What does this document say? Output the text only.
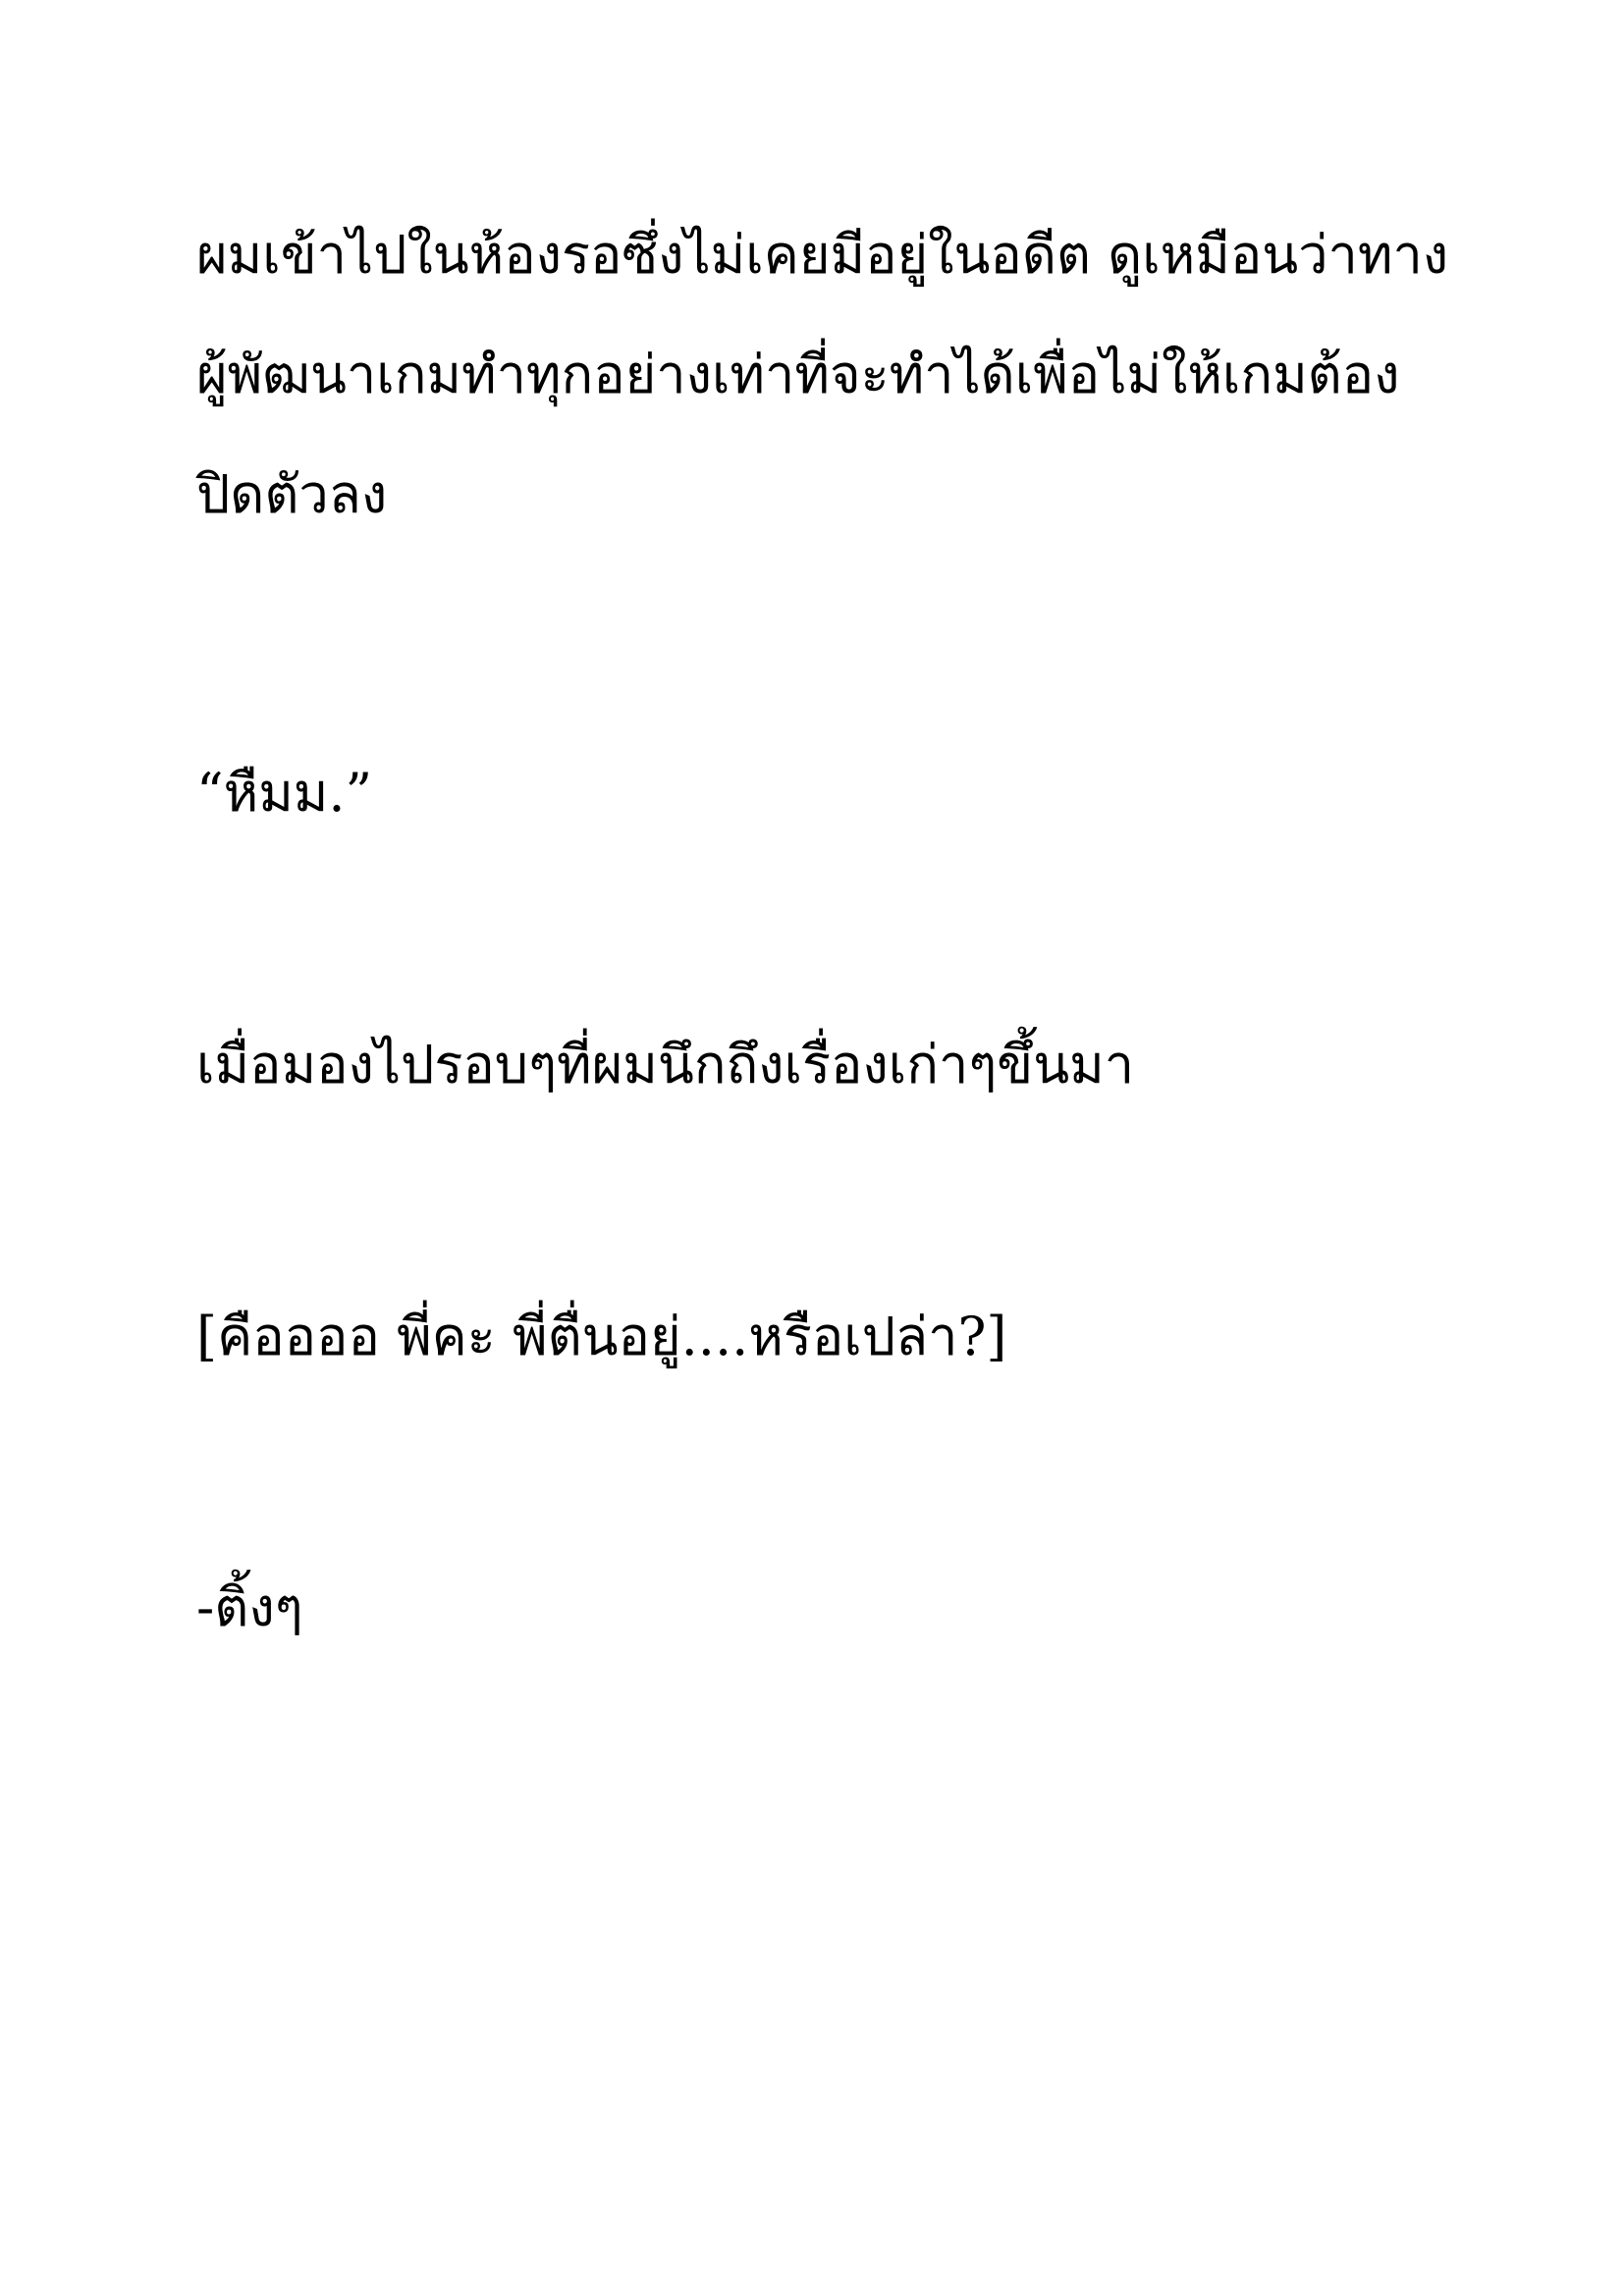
ผมเข้าไปในห้องรอซึ่งไม่เคยมีอยู่ในอดีต ดูเหมือนว่าทาง

ผู้พัฒนาเกมทำทุกอย่างเท่าที่จะทำได้เพื่อไม่ให้เกมต้อง

ปิดตัวลง

“หืมม.”

เมื่อมองไปรอบๆที่ผมนึกถึงเรื่องเก่าๆขึ้นมา

[คืออออ พี่คะ พี่ตื่นอยู่....หรือเปล่า?]

-ติ้งๆ
